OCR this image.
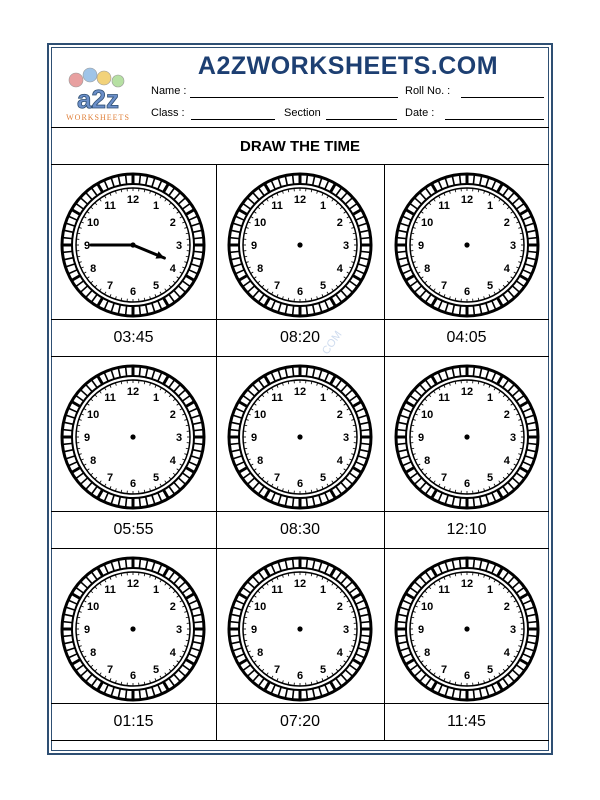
a2z
WORKSHEETS
A2ZWORKSHEETS.COM
Name :	Roll No. :
Class :	Section	Date :
DRAW THE TIME
COM
12
1
2
3
4
5
6
7
8
9
10
11
03:45
12
1
2
3
4
5
6
7
8
9
10
11
08:20
12
1
2
3
4
5
6
7
8
9
10
11
04:05
12
1
2
3
4
5
6
7
8
9
10
11
05:55
12
1
2
3
4
5
6
7
8
9
10
11
08:30
12
1
2
3
4
5
6
7
8
9
10
11
12:10
12
1
2
3
4
5
6
7
8
9
10
11
01:15
12
1
2
3
4
5
6
7
8
9
10
11
07:20
12
1
2
3
4
5
6
7
8
9
10
11
11:45
